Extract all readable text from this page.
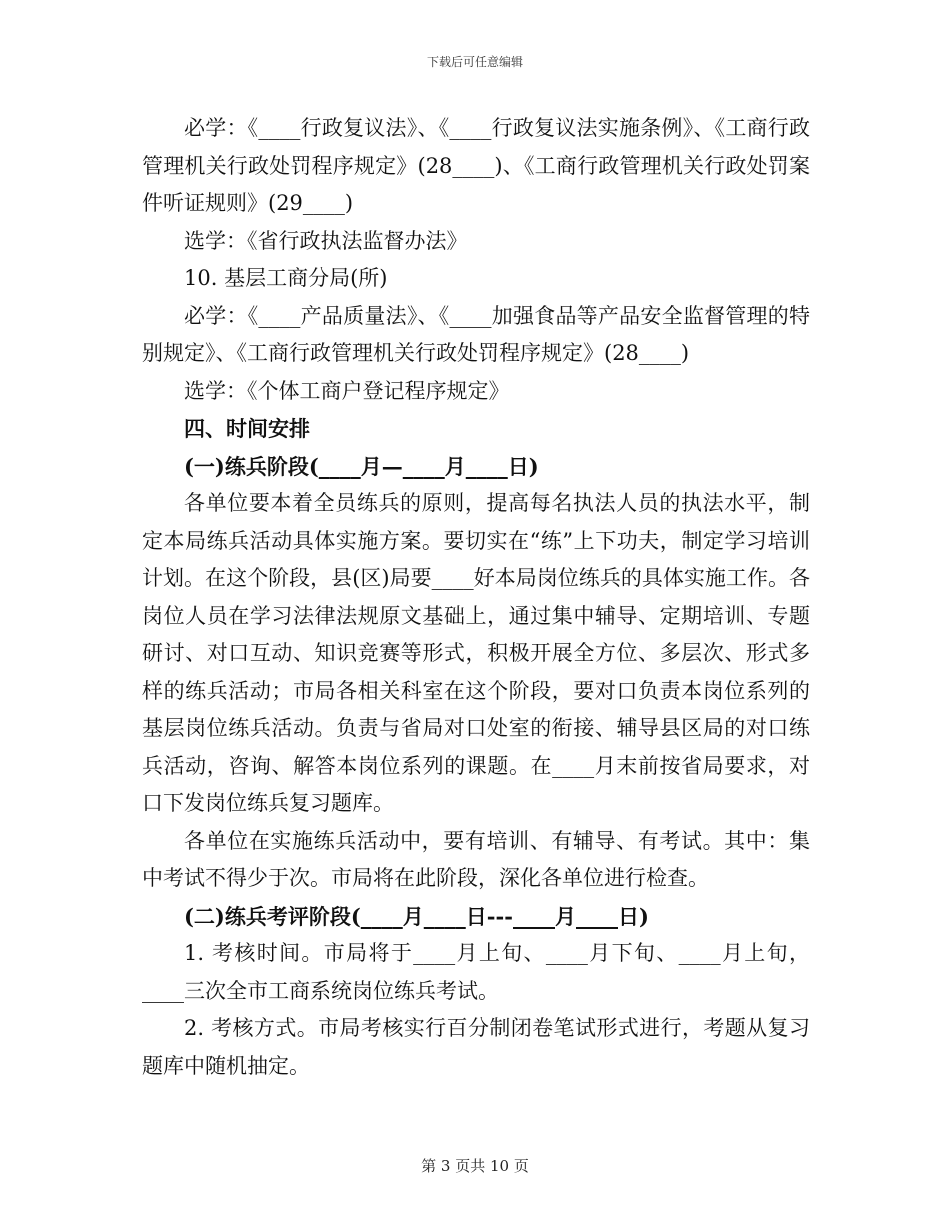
下载后可任意编辑

必学：《____行政复议法》、《____行政复议法实施条例》、《工商行政管理机关行政处罚程序规定》(28____)、《工商行政管理机关行政处罚案件听证规则》(29____)

选学：《省行政执法监督办法》

10. 基层工商分局(所)

必学：《____产品质量法》、《____加强食品等产品安全监督管理的特别规定》、《工商行政管理机关行政处罚程序规定》(28____)

选学：《个体工商户登记程序规定》

四、时间安排

(一)练兵阶段(____月—____月____日)

各单位要本着全员练兵的原则，提高每名执法人员的执法水平，制定本局练兵活动具体实施方案。要切实在“练”上下功夫，制定学习培训计划。在这个阶段，县(区)局要____好本局岗位练兵的具体实施工作。各岗位人员在学习法律法规原文基础上，通过集中辅导、定期培训、专题研讨、对口互动、知识竞赛等形式，积极开展全方位、多层次、形式多样的练兵活动；市局各相关科室在这个阶段，要对口负责本岗位系列的基层岗位练兵活动。负责与省局对口处室的衔接、辅导县区局的对口练兵活动，咨询、解答本岗位系列的课题。在____月末前按省局要求，对口下发岗位练兵复习题库。

各单位在实施练兵活动中，要有培训、有辅导、有考试。其中：集中考试不得少于次。市局将在此阶段，深化各单位进行检查。

(二)练兵考评阶段(____月____日---____月____日)

1. 考核时间。市局将于____月上旬、____月下旬、____月上旬，____三次全市工商系统岗位练兵考试。

2. 考核方式。市局考核实行百分制闭卷笔试形式进行，考题从复习题库中随机抽定。

第 3 页共 10 页
